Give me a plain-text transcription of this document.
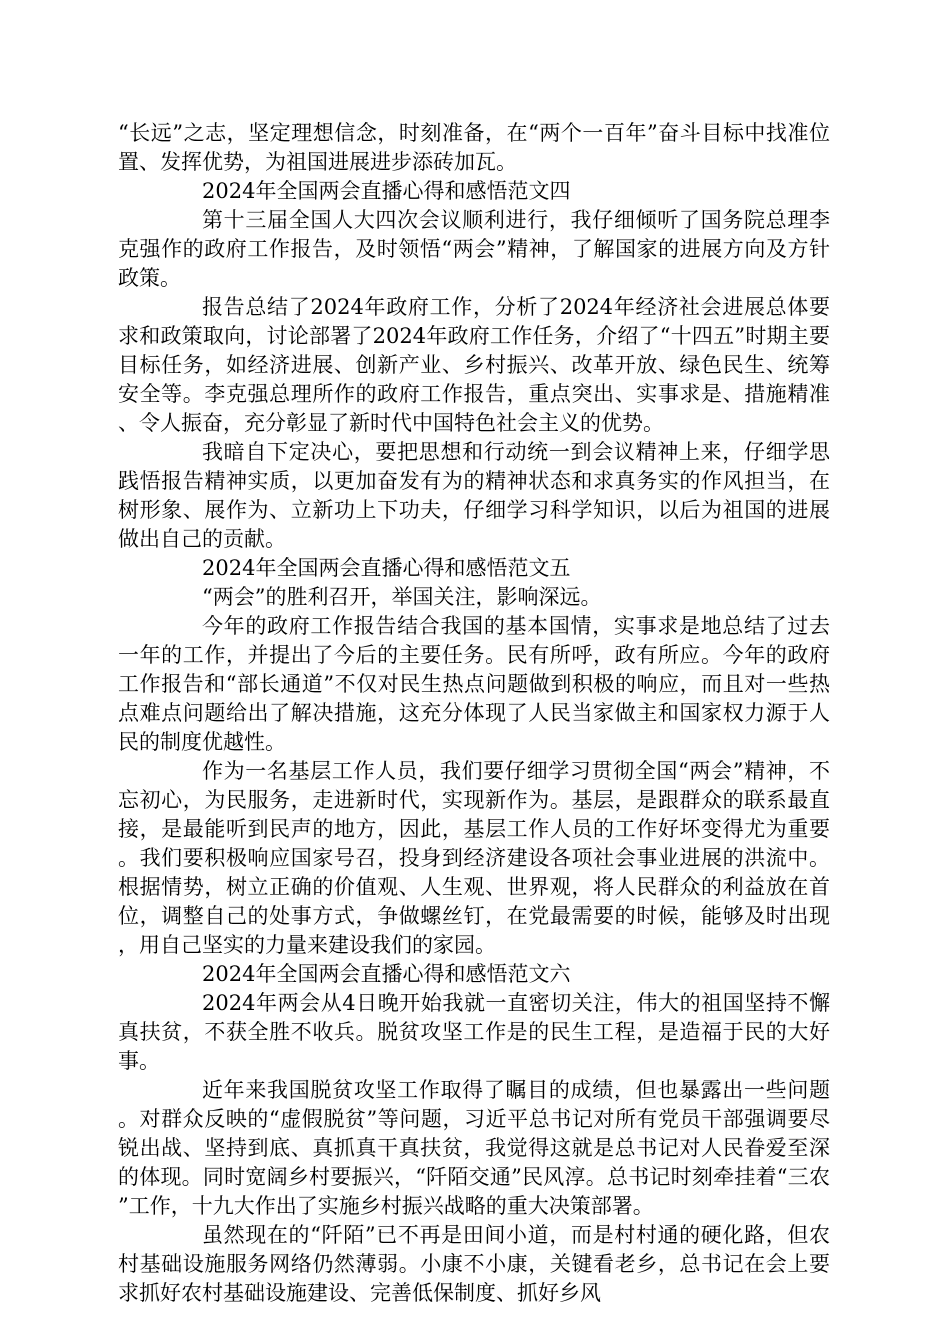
“长远”之志，坚定理想信念，时刻准备，在“两个一百年”奋斗目标中找准位置、发挥优势，为祖国进展进步添砖加瓦。

2024年全国两会直播心得和感悟范文四

第十三届全国人大四次会议顺利进行，我仔细倾听了国务院总理李克强作的政府工作报告，及时领悟“两会”精神，了解国家的进展方向及方针政策。

报告总结了2024年政府工作，分析了2024年经济社会进展总体要求和政策取向，讨论部署了2024年政府工作任务，介绍了“十四五”时期主要目标任务，如经济进展、创新产业、乡村振兴、改革开放、绿色民生、统筹安全等。李克强总理所作的政府工作报告，重点突出、实事求是、措施精准、令人振奋，充分彰显了新时代中国特色社会主义的优势。

我暗自下定决心，要把思想和行动统一到会议精神上来，仔细学思践悟报告精神实质，以更加奋发有为的精神状态和求真务实的作风担当，在树形象、展作为、立新功上下功夫，仔细学习科学知识，以后为祖国的进展做出自己的贡献。

2024年全国两会直播心得和感悟范文五

“两会”的胜利召开，举国关注，影响深远。

今年的政府工作报告结合我国的基本国情，实事求是地总结了过去一年的工作，并提出了今后的主要任务。民有所呼，政有所应。今年的政府工作报告和“部长通道”不仅对民生热点问题做到积极的响应，而且对一些热点难点问题给出了解决措施，这充分体现了人民当家做主和国家权力源于人民的制度优越性。

作为一名基层工作人员，我们要仔细学习贯彻全国“两会”精神，不忘初心，为民服务，走进新时代，实现新作为。基层，是跟群众的联系最直接，是最能听到民声的地方，因此，基层工作人员的工作好坏变得尤为重要。我们要积极响应国家号召，投身到经济建设各项社会事业进展的洪流中。根据情势，树立正确的价值观、人生观、世界观，将人民群众的利益放在首位，调整自己的处事方式，争做螺丝钉，在党最需要的时候，能够及时出现，用自己坚实的力量来建设我们的家园。

2024年全国两会直播心得和感悟范文六

2024年两会从4日晚开始我就一直密切关注，伟大的祖国坚持不懈真扶贫，不获全胜不收兵。脱贫攻坚工作是的民生工程，是造福于民的大好事。

近年来我国脱贫攻坚工作取得了瞩目的成绩，但也暴露出一些问题。对群众反映的“虚假脱贫”等问题，习近平总书记对所有党员干部强调要尽锐出战、坚持到底、真抓真干真扶贫，我觉得这就是总书记对人民眷爱至深的体现。同时宽阔乡村要振兴，“阡陌交通”民风淳。总书记时刻牵挂着“三农”工作，十九大作出了实施乡村振兴战略的重大决策部署。

虽然现在的“阡陌”已不再是田间小道，而是村村通的硬化路，但农村基础设施服务网络仍然薄弱。小康不小康，关键看老乡，总书记在会上要求抓好农村基础设施建设、完善低保制度、抓好乡风
